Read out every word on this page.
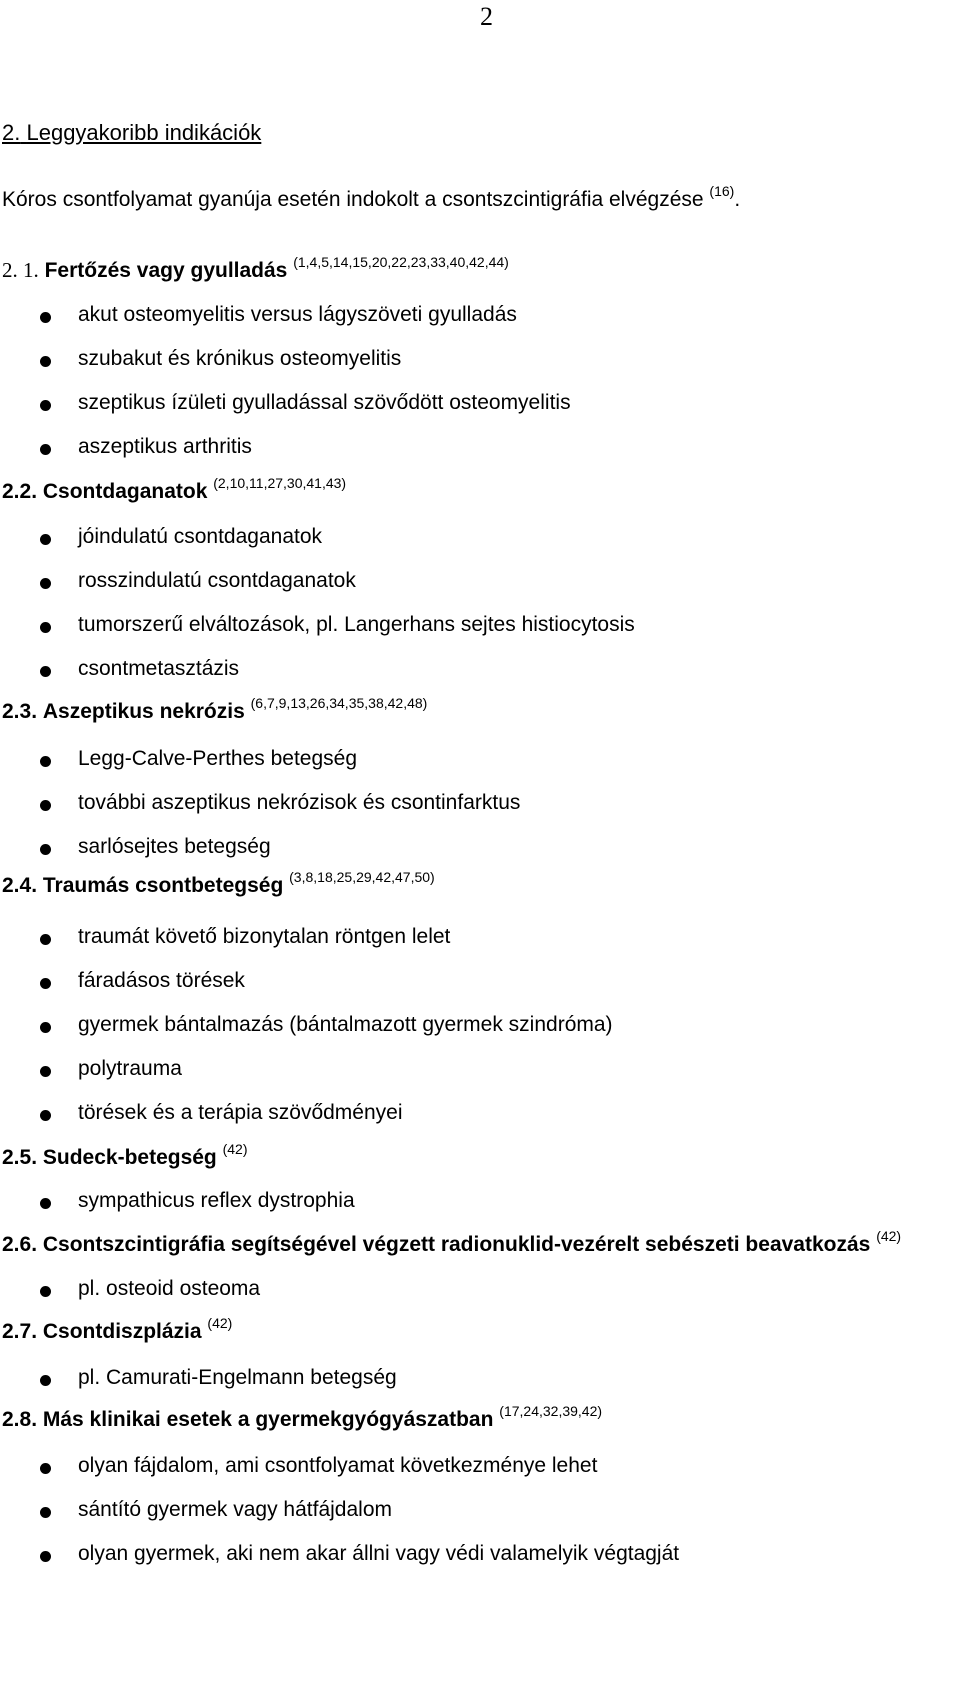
2
2. Leggyakoribb indikációk
Kóros csontfolyamat gyanúja esetén indokolt a csontszcintigráfia elvégzése $^{(16)}$.
2. 1. Fertőzés vagy gyulladás $^{(1,4,5,14,15,20,22,23,33,40,42,44)}$
akut osteomyelitis versus lágyszöveti gyulladás
szubakut és krónikus osteomyelitis
szeptikus ízületi gyulladással szövődött osteomyelitis
aszeptikus arthritis
2.2. Csontdaganatok $^{(2,10,11,27,30,41,43)}$
jóindulatú csontdaganatok
rosszindulatú csontdaganatok
tumorszerű elváltozások, pl. Langerhans sejtes histiocytosis
csontmetasztázis
2.3. Aszeptikus nekrózis $^{(6,7,9,13,26,34,35,38,42,48)}$
Legg-Calve-Perthes betegség
további aszeptikus nekrózisok és csontinfarktus
sarlósejtes betegség
2.4. Traumás csontbetegség $^{(3,8,18,25,29,42,47,50)}$
traumát követő bizonytalan röntgen lelet
fáradásos törések
gyermek bántalmazás (bántalmazott gyermek szindróma)
polytrauma
törések és a terápia szövődményei
2.5. Sudeck-betegség $^{(42)}$
sympathicus reflex dystrophia
2.6. Csontszcintigráfia segítségével végzett radionuklid-vezérelt sebészeti beavatkozás $^{(42)}$
pl. osteoid osteoma
2.7. Csontdiszplázia $^{(42)}$
pl. Camurati-Engelmann betegség
2.8. Más klinikai esetek a gyermekgyógyászatban $^{(17,24,32,39,42)}$
olyan fájdalom, ami csontfolyamat következménye lehet
sántító gyermek vagy hátfájdalom
olyan gyermek, aki nem akar állni vagy védi valamelyik végtagját
